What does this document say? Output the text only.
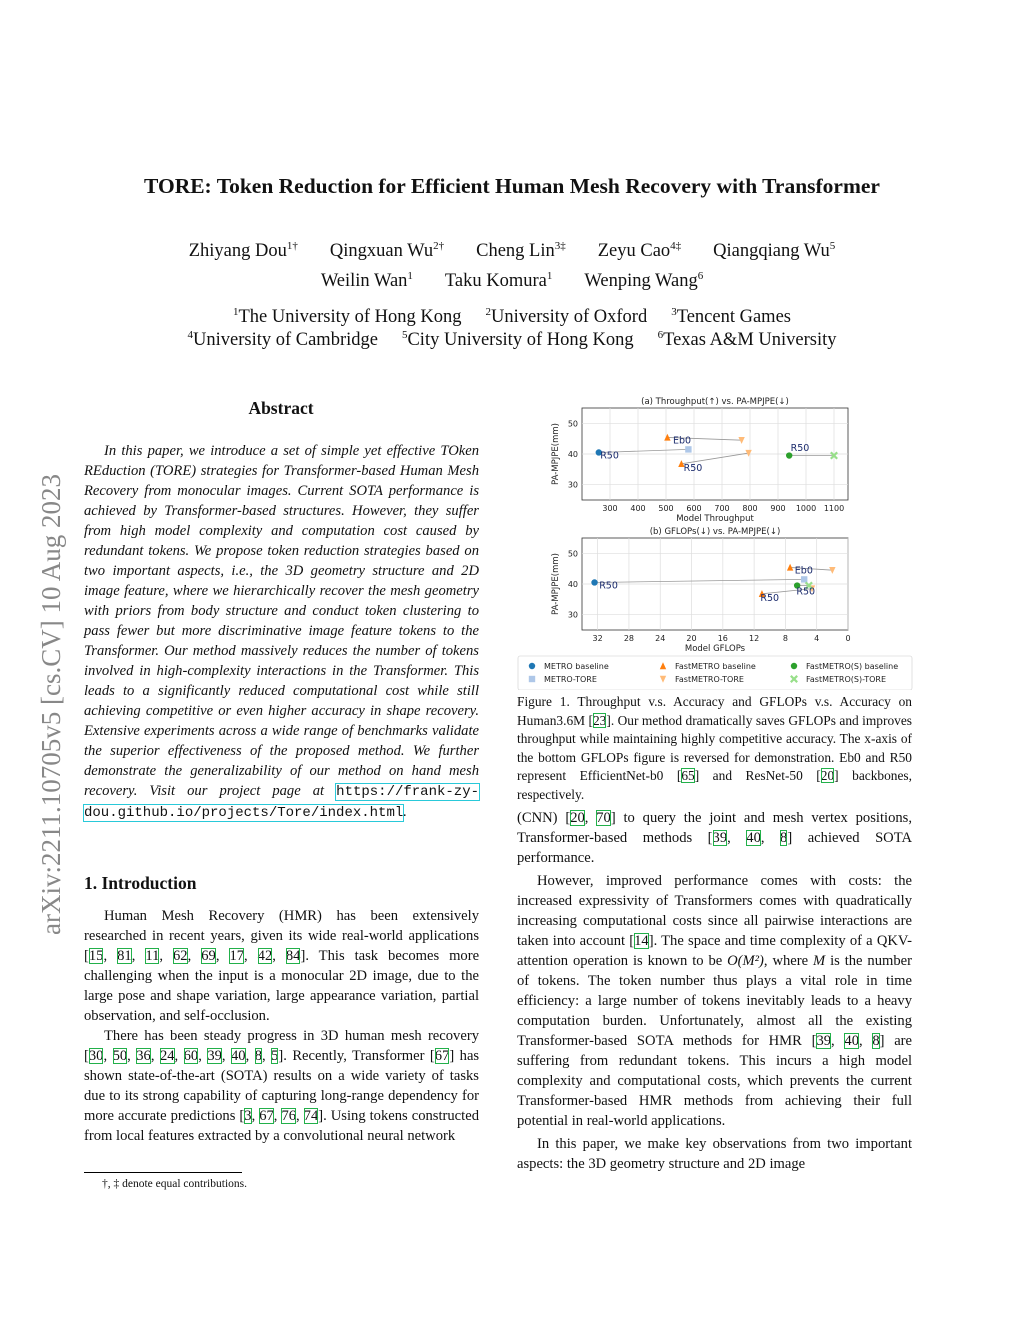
arXiv:2211.10705v5 [cs.CV] 10 Aug 2023
TORE: Token Reduction for Efficient Human Mesh Recovery with Transformer
Zhiyang Dou$^{1\dagger}$ Qingxuan $Wu^{2\dagger}$ Cheng Lin$^{3\ddagger}$ Zeyu Cao$^{4\ddagger}$ Qiangqiang Wu$^5$
Weilin Wan$^1$ Taku Komura$^1$ Wenping Wang$^6$
$^1$The University of Hong Kong $^2$University of Oxford $^3$Tencent Games
$^4$University of Cambridge $^5$City University of Hong Kong $^6$Texas A&M University
Abstract

In this paper, we introduce a set of simple yet effective TOken REduction (TORE) strategies for Transformer-based Human Mesh Recovery from monocular images. Current SOTA performance is achieved by Transformer-based structures. However, they suffer from high model complexity and computation cost caused by redundant tokens. We propose token reduction strategies based on two important aspects, i.e., the 3D geometry structure and 2D image feature, where we hierarchically recover the mesh geometry with priors from body structure and conduct token clustering to pass fewer but more discriminative image feature tokens to the Transformer. Our method massively reduces the number of tokens involved in high-complexity interactions in the Transformer. This leads to a significantly reduced computational cost while still achieving competitive or even higher accuracy in shape recovery. Extensive experiments across a wide range of benchmarks validate the superior effectiveness of the proposed method. We further demonstrate the generalizability of our method on hand mesh recovery. Visit our project page at https://frank-zy-dou.github.io/projects/Tore/index.html.

1. Introduction

Human Mesh Recovery (HMR) has been extensively researched in recent years, given its wide real-world applications [15, 81, 11, 62, 69, 17, 42, 84]. This task becomes more challenging when the input is a monocular 2D image, due to the large pose and shape variation, large appearance variation, partial observation, and self-occlusion.

There has been steady progress in 3D human mesh recovery [30, 50, 36, 24, 60, 39, 40, 8, 5]. Recently, Transformer [67] has shown state-of-the-art (SOTA) results on a wide variety of tasks due to its strong capability of capturing long-range dependency for more accurate predictions [3, 67, 76, 74]. Using tokens constructed from local features extracted by a convolutional neural network

†, ‡ denote equal contributions.
300 400 500 600 700 800 900 1000 1100
30
40
50
(a) Throughput(↑) vs. PA-MPJPE(↓)
Model Throughput
PA-MPJPE(mm)	R50
Eb0
R50
R50
32	28	24	20	16	12	8	4	0
30
40
50
(b) GFLOPs(↓) vs. PA-MPJPE(↓)
Model GFLOPs
PA-MPJPE(mm)	R50
Eb0
R50
R50
METRO baseline
METRO-TORE
FastMETRO baseline
FastMETRO-TORE
FastMETRO(S) baseline
FastMETRO(S)-TORE
Figure 1. Throughput v.s. Accuracy and GFLOPs v.s. Accuracy on Human3.6M [23]. Our method dramatically saves GFLOPs and improves throughput while maintaining highly competitive accuracy. The x-axis of the bottom GFLOPs figure is reversed for demonstration. Eb0 and R50 represent EfficientNet-b0 [65] and ResNet-50 [20] backbones, respectively.

(CNN) [20, 70] to query the joint and mesh vertex positions, Transformer-based methods [39, 40, 8] achieved SOTA performance.

However, improved performance comes with costs: the increased expressivity of Transformers comes with quadratically increasing computational costs since all pairwise interactions are taken into account [14]. The space and time complexity of a QKV-attention operation is known to be O(M²), where M is the number of tokens. The token number thus plays a vital role in time efficiency: a large number of tokens inevitably leads to a heavy computation burden. Unfortunately, almost all the existing Transformer-based SOTA methods for HMR [39, 40, 8] are suffering from redundant tokens. This incurs a high model complexity and computational costs, which prevents the current Transformer-based HMR methods from achieving their full potential in real-world applications.

In this paper, we make key observations from two important aspects: the 3D geometry structure and 2D image
